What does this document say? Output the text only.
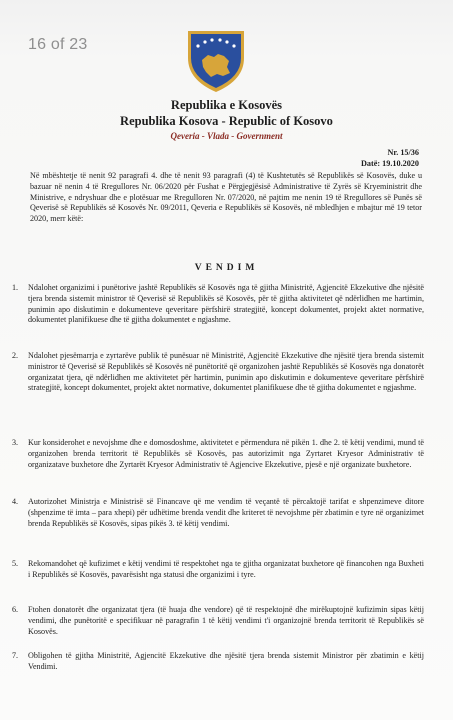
16 of 23
Republika e Kosovës
Republika Kosova - Republic of Kosovo
Qeveria - Vlada - Government
Nr. 15/36
Datë: 19.10.2020
Në mbështetje të nenit 92 paragrafi 4. dhe të nenit 93 paragrafi (4) të Kushtetutës së Republikës së Kosovës, duke u bazuar në nenin 4 të Rregullores Nr. 06/2020 për Fushat e Përgjegjësisë Administrative të Zyrës së Kryeministrit dhe Ministrive, e ndryshuar dhe e plotësuar me Rregulloren Nr. 07/2020, në pajtim me nenin 19 të Rregullores së Punës së Qeverisë së Republikës së Kosovës Nr. 09/2011, Qeveria e Republikës së Kosovës, në mbledhjen e mbajtur më 19 tetor 2020, merr këtë:
VENDIM
1.	Ndalohet organizimi i punëtorive jashtë Republikës së Kosovës nga të gjitha Ministritë, Agjencitë Ekzekutive dhe njësitë tjera brenda sistemit ministror të Qeverisë së Republikës së Kosovës, për të gjitha aktivitetet që ndërlidhen me hartimin, punimin apo diskutimin e dokumenteve qeveritare përfshirë strategjitë, koncept dokumentet, projekt aktet normative, dokumentet planifikuese dhe të gjitha dokumentet e ngjashme.
2.	Ndalohet pjesëmarrja e zyrtarëve publik të punësuar në Ministritë, Agjencitë Ekzekutive dhe njësitë tjera brenda sistemit ministror të Qeverisë së Republikës së Kosovës në punëtoritë që organizohen jashtë Republikës së Kosovës nga donatorët organizatat tjera, që ndërlidhen me aktivitetet për hartimin, punimin apo diskutimin e dokumenteve qeveritare përfshirë strategjitë, koncept dokumentet, projekt aktet normative, dokumentet planifikuese dhe të gjitha dokumentet e ngjashme.
3.	Kur konsiderohet e nevojshme dhe e domosdoshme, aktivitetet e përmendura në pikën 1. dhe 2. të këtij vendimi, mund të organizohen brenda territorit të Republikës së Kosovës, pas autorizimit nga Zyrtaret Kryesor Administrativ të organizatave buxhetore dhe Zyrtarët Kryesor Administrativ të Agjencive Ekzekutive, pjesë e një organizate buxhetore.
4.	Autorizohet Ministrja e Ministrisë së Financave që me vendim të veçantë të përcaktojë tarifat e shpenzimeve ditore (shpenzime të imta – para xhepi) për udhëtime brenda vendit dhe kriteret të nevojshme për zbatimin e tyre në organizimet brenda Republikës së Kosovës, sipas pikës 3. të këtij vendimi.
5.	Rekomandohet që kufizimet e këtij vendimi të respektohet nga te gjitha organizatat buxhetore që financohen nga Buxheti i Republikës së Kosovës, pavarësisht nga statusi dhe organizimi i tyre.
6.	Ftohen donatorët dhe organizatat tjera (të huaja dhe vendore) që të respektojnë dhe mirëkuptojnë kufizimin sipas këtij vendimi, dhe punëtoritë e specifikuar në paragrafin 1 të këtij vendimi t'i organizojnë brenda territorit të Republikës së Kosovës.
7.	Obligohen të gjitha Ministritë, Agjencitë Ekzekutive dhe njësitë tjera brenda sistemit Ministror për zbatimin e këtij Vendimi.
